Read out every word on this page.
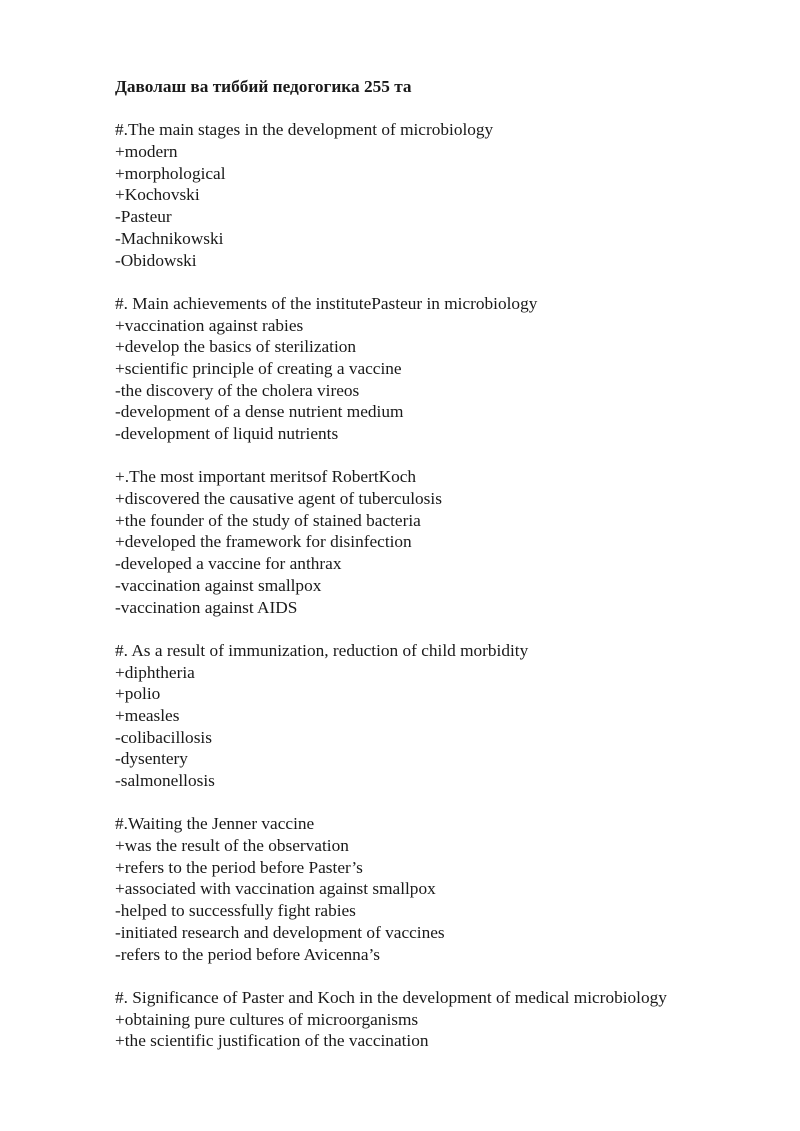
Даволаш ва тиббий педогогика 255 та
#.The main stages in the development of microbiology
+modern
+morphological
+Kochovski
-Pasteur
-Machnikowski
-Obidowski
#. Main achievements of the institutePasteur in microbiology
+vaccination against rabies
+develop the basics of sterilization
+scientific principle of creating a vaccine
-the discovery of the cholera vireos
-development of a dense nutrient medium
-development of liquid nutrients
+.The most important meritsof RobertKoch
+discovered the causative agent of tuberculosis
+the founder of the study of stained bacteria
+developed the framework for disinfection
-developed a vaccine for anthrax
-vaccination against smallpox
-vaccination against AIDS
#. As a result of immunization, reduction of child morbidity
+diphtheria
+polio
+measles
-colibacillosis
-dysentery
-salmonellosis
#.Waiting the Jenner vaccine
+was the result of the observation
+refers to the period before Paster’s
+associated with vaccination against smallpox
-helped to successfully fight rabies
-initiated research and development of vaccines
-refers to the period before Avicenna’s
#. Significance of Paster and Koch in the development of medical microbiology
+obtaining pure cultures of microorganisms
+the scientific justification of the vaccination
